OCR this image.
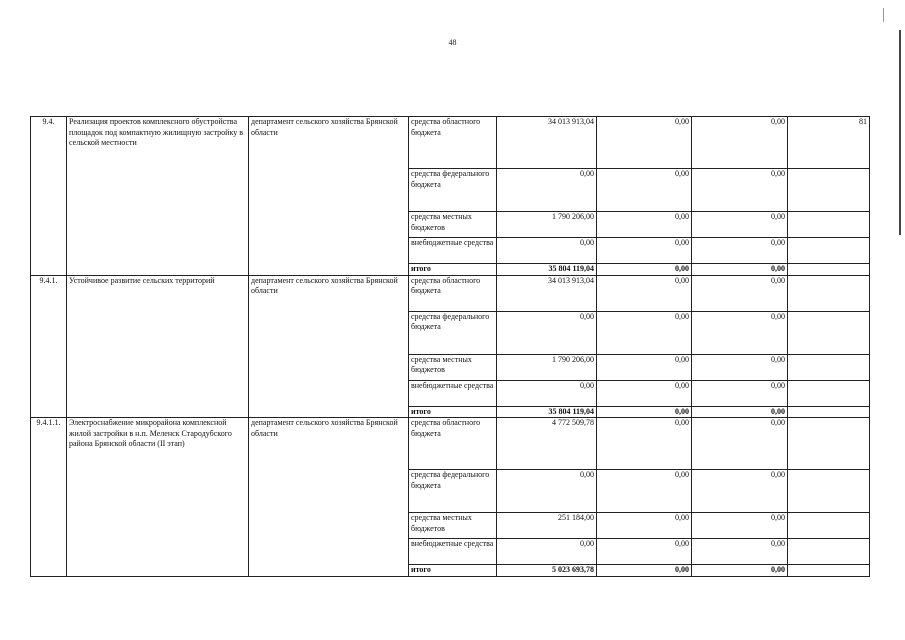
48
9.4.	Реализация проектов комплексного обустройства площадок под компактную жилищную застройку в сельской местности	департамент сельского хозяйства Брянской области	средства областного бюджета	34 013 913,04	0,00	0,00	81
			средства федерального бюджета	0,00	0,00	0,00	
			средства местных бюджетов	1 790 206,00	0,00	0,00	
			внебюджетные средства	0,00	0,00	0,00	
			итого	35 804 119,04	0,00	0,00	
9.4.1.	Устойчивое развитие сельских территорий	департамент сельского хозяйства Брянской области	средства областного бюджета	34 013 913,04	0,00	0,00	
			средства федерального бюджета	0,00	0,00	0,00	
			средства местных бюджетов	1 790 206,00	0,00	0,00	
			внебюджетные средства	0,00	0,00	0,00	
			итого	35 804 119,04	0,00	0,00	
9.4.1.1.	Электроснабжение микрорайона комплексной жилой застройки в н.п. Меленск Стародубского района Брянской области (II этап)	департамент сельского хозяйства Брянской области	средства областного бюджета	4 772 509,78	0,00	0,00	
			средства федерального бюджета	0,00	0,00	0,00	
			средства местных бюджетов	251 184,00	0,00	0,00	
			внебюджетные средства	0,00	0,00	0,00	
			итого	5 023 693,78	0,00	0,00	
